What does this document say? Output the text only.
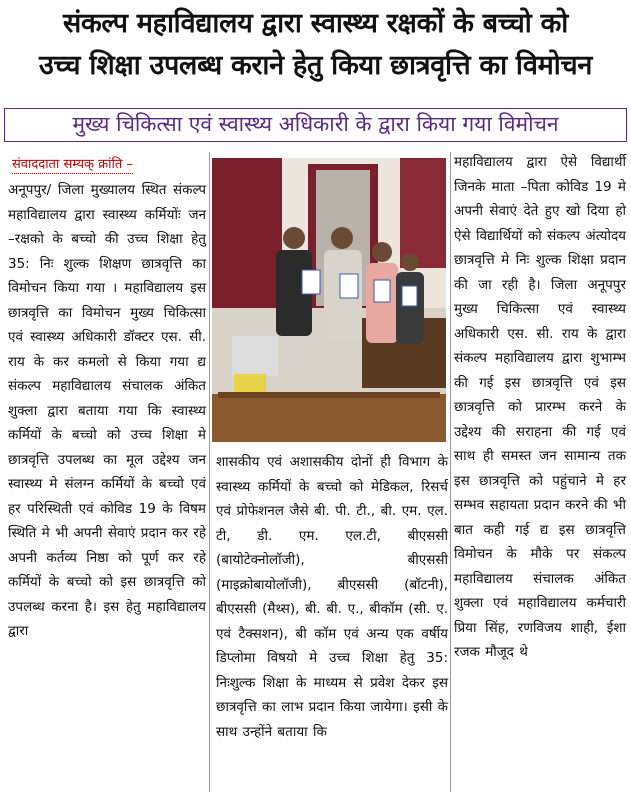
संकल्प महाविद्यालय द्वारा स्वास्थ्य रक्षकों के बच्चो को
उच्च शिक्षा उपलब्ध कराने हेतु किया छात्रवृत्ति का विमोचन
मुख्य चिकित्सा एवं स्वास्थ्य अधिकारी के द्वारा किया गया विमोचन
संवाददाता सम्यक् क्रांति –
अनूपपुर/ जिला मुख्यालय स्थित संकल्प महाविद्यालय द्वारा स्वास्थ्य कर्मियोंः जन –रक्षको के बच्चो की उच्च शिक्षा हेतु 35: निः शुल्क शिक्षण छात्रवृत्ति का विमोचन किया गया । महाविद्यालय इस छात्रवृत्ति का विमोचन मुख्य चिकित्सा एवं स्वास्थ्य अधिकारी डॉक्टर एस. सी. राय के कर कमलो से किया गया द्य संकल्प महाविद्यालय संचालक अंकित शुक्ला द्वारा बताया गया कि स्वास्थ्य कर्मियों के बच्चो को उच्च शिक्षा मे छात्रवृत्ति उपलब्ध का मूल उद्देश्य जन स्वास्थ्य मे संलग्न कर्मियों के बच्चो एवं हर परिस्थिती एवं कोविड 19 के विषम स्थिति मे भी अपनी सेवाएं प्रदान कर रहे अपनी कर्तव्य निष्ठा को पूर्ण कर रहे कर्मियों के बच्चो को इस छात्रवृत्ति को उपलब्ध करना है। इस हेतु महाविद्यालय द्वारा
शासकीय एवं अशासकीय दोनों ही विभाग के स्वास्थ्य कर्मियों के बच्चो को मेडिकल, रिसर्च एवं प्रोफेशनल जैसे बी. पी. टी., बी. एम. एल. टी, डी. एम. एल.टी, बीएससी (बायोटेक्नोलॉजी), बीएससी (माइक्रोबायोलॉजी), बीएससी (बॉटनी), बीएससी (मैथ्स), बी. बी. ए., बीकॉम (सी. ए. एवं टैक्सशन), बी कॉम एवं अन्य एक वर्षीय डिप्लोमा विषयो मे उच्च शिक्षा हेतु 35: निःशुल्क शिक्षा के माध्यम से प्रवेश देकर इस छात्रवृत्ति का लाभ प्रदान किया जायेगा। इसी के साथ उन्होंने बताया कि
महाविद्यालय द्वारा ऐसे विद्यार्थी जिनके माता –पिता कोविड 19 मे अपनी सेवाएं देते हुए खो दिया हो ऐसे विद्यार्थियों को संकल्प अंत्योदय छात्रवृत्ति मे निः शुल्क शिक्षा प्रदान की जा रही है। जिला अनूपपुर मुख्य चिकित्सा एवं स्वास्थ्य अधिकारी एस. सी. राय के द्वारा संकल्प महाविद्यालय द्वारा शुभाम्भ की गई इस छात्रवृत्ति एवं इस छात्रवृत्ति को प्रारम्भ करने के उद्देश्य की सराहना की गई एवं साथ ही समस्त जन सामान्य तक इस छात्रवृत्ति को पहुंचाने मे हर सम्भव सहायता प्रदान करने की भी बात कही गई द्य इस छात्रवृत्ति विमोचन के मौके पर संकल्प महाविद्यालय संचालक अंकित शुक्ला एवं महाविद्यालय कर्मचारी प्रिया सिंह, रणविजय शाही, ईशा रजक मौजूद थे
